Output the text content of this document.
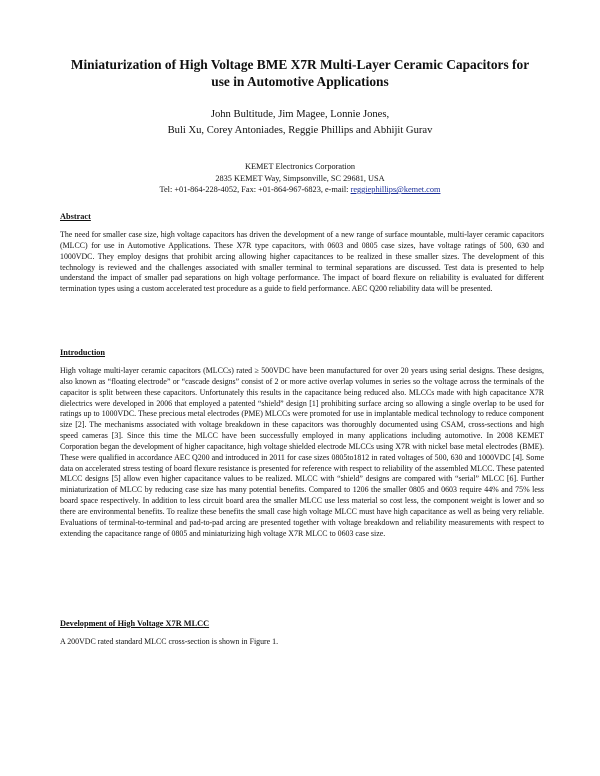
Miniaturization of High Voltage BME X7R Multi-Layer Ceramic Capacitors for
use in Automotive Applications
John Bultitude, Jim Magee, Lonnie Jones,
Buli Xu, Corey Antoniades, Reggie Phillips and Abhijit Gurav
KEMET Electronics Corporation
2835 KEMET Way, Simpsonville, SC 29681, USA
Tel: +01-864-228-4052, Fax: +01-864-967-6823, e-mail: reggiephillips@kemet.com
Abstract

The need for smaller case size, high voltage capacitors has driven the development of a new range of surface mountable, multi-layer ceramic capacitors (MLCC) for use in Automotive Applications. These X7R type capacitors, with 0603 and 0805 case sizes, have voltage ratings of 500, 630 and 1000VDC. They employ designs that prohibit arcing allowing higher capacitances to be realized in these smaller sizes. The development of this technology is reviewed and the challenges associated with smaller terminal to terminal separations are discussed. Test data is presented to help understand the impact of smaller pad separations on high voltage performance. The impact of board flexure on reliability is evaluated for different termination types using a custom accelerated test procedure as a guide to field performance. AEC Q200 reliability data will be presented.

Introduction

High voltage multi-layer ceramic capacitors (MLCCs) rated ≥ 500VDC have been manufactured for over 20 years using serial designs. These designs, also known as “floating electrode” or “cascade designs” consist of 2 or more active overlap volumes in series so the voltage across the terminals of the capacitor is split between these capacitors. Unfortunately this results in the capacitance being reduced also. MLCCs made with high capacitance X7R dielectrics were developed in 2006 that employed a patented “shield” design [1] prohibiting surface arcing so allowing a single overlap to be used for ratings up to 1000VDC. These precious metal electrodes (PME) MLCCs were promoted for use in implantable medical technology to reduce component size [2]. The mechanisms associated with voltage breakdown in these capacitors was thoroughly documented using CSAM, cross-sections and high speed cameras [3]. Since this time the MLCC have been successfully employed in many applications including automotive. In 2008 KEMET Corporation began the development of higher capacitance, high voltage shielded electrode MLCCs using X7R with nickel base metal electrodes (BME). These were qualified in accordance AEC Q200 and introduced in 2011 for case sizes 0805to1812 in rated voltages of 500, 630 and 1000VDC [4]. Some data on accelerated stress testing of board flexure resistance is presented for reference with respect to reliability of the assembled MLCC. These patented MLCC designs [5] allow even higher capacitance values to be realized. MLCC with “shield” designs are compared with “serial” MLCC [6]. Further miniaturization of MLCC by reducing case size has many potential benefits. Compared to 1206 the smaller 0805 and 0603 require 44% and 75% less board space respectively. In addition to less circuit board area the smaller MLCC use less material so cost less, the component weight is lower and so there are environmental benefits. To realize these benefits the small case high voltage MLCC must have high capacitance as well as being very reliable. Evaluations of terminal-to-terminal and pad-to-pad arcing are presented together with voltage breakdown and reliability measurements with respect to extending the capacitance range of 0805 and miniaturizing high voltage X7R MLCC to 0603 case size.

Development of High Voltage X7R MLCC

A 200VDC rated standard MLCC cross-section is shown in Figure 1.
